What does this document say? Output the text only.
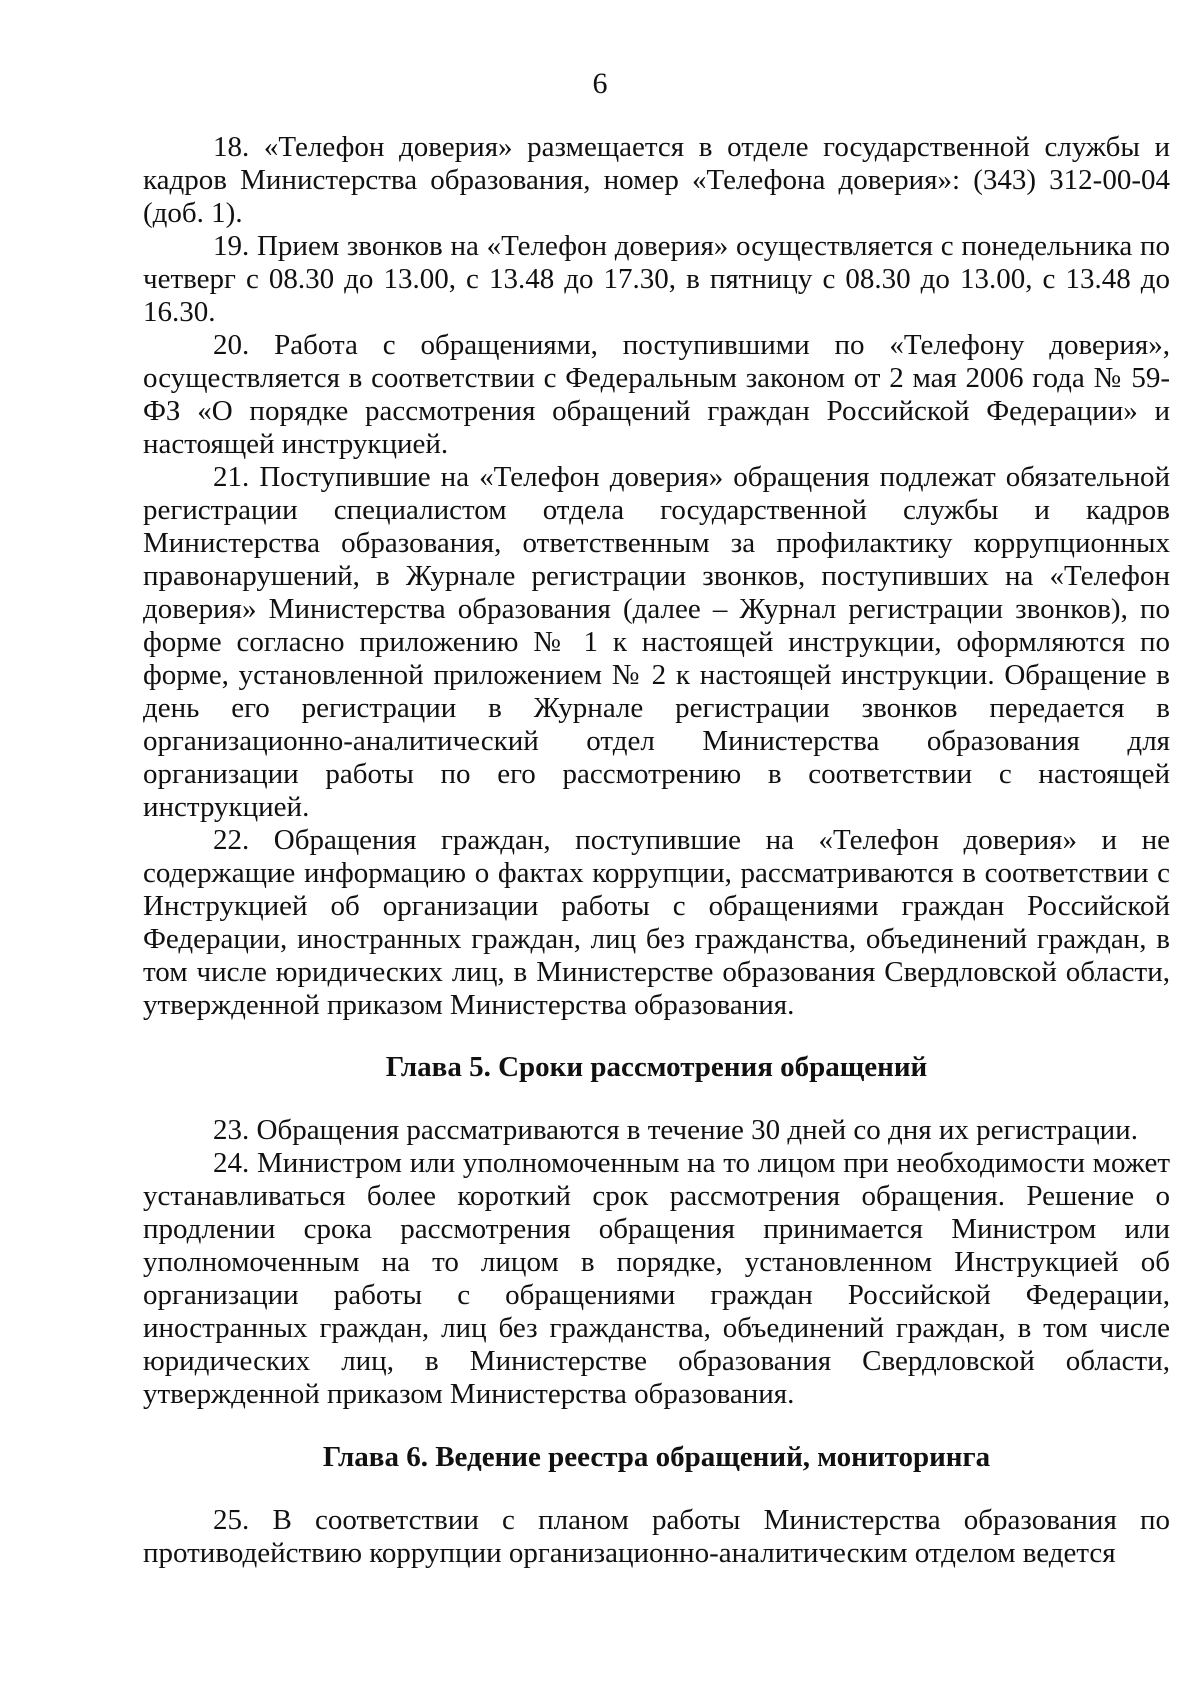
6

18. «Телефон доверия» размещается в отделе государственной службы и кадров Министерства образования, номер «Телефона доверия»: (343) 312-00-04 (доб. 1).

19. Прием звонков на «Телефон доверия» осуществляется с понедельника по четверг с 08.30 до 13.00, с 13.48 до 17.30, в пятницу с 08.30 до 13.00, с 13.48 до 16.30.

20. Работа с обращениями, поступившими по «Телефону доверия», осуществляется в соответствии с Федеральным законом от 2 мая 2006 года № 59-ФЗ «О порядке рассмотрения обращений граждан Российской Федерации» и настоящей инструкцией.

21. Поступившие на «Телефон доверия» обращения подлежат обязательной регистрации специалистом отдела государственной службы и кадров Министерства образования, ответственным за профилактику коррупционных правонарушений, в Журнале регистрации звонков, поступивших на «Телефон доверия» Министерства образования (далее – Журнал регистрации звонков), по форме согласно приложению № 1 к настоящей инструкции, оформляются по форме, установленной приложением № 2 к настоящей инструкции. Обращение в день его регистрации в Журнале регистрации звонков передается в организационно-аналитический отдел Министерства образования для организации работы по его рассмотрению в соответствии с настоящей инструкцией.

22. Обращения граждан, поступившие на «Телефон доверия» и не содержащие информацию о фактах коррупции, рассматриваются в соответствии с Инструкцией об организации работы с обращениями граждан Российской Федерации, иностранных граждан, лиц без гражданства, объединений граждан, в том числе юридических лиц, в Министерстве образования Свердловской области, утвержденной приказом Министерства образования.

Глава 5. Сроки рассмотрения обращений

23. Обращения рассматриваются в течение 30 дней со дня их регистрации.

24. Министром или уполномоченным на то лицом при необходимости может устанавливаться более короткий срок рассмотрения обращения. Решение о продлении срока рассмотрения обращения принимается Министром или уполномоченным на то лицом в порядке, установленном Инструкцией об организации работы с обращениями граждан Российской Федерации, иностранных граждан, лиц без гражданства, объединений граждан, в том числе юридических лиц, в Министерстве образования Свердловской области, утвержденной приказом Министерства образования.

Глава 6. Ведение реестра обращений, мониторинга

25. В соответствии с планом работы Министерства образования по противодействию коррупции организационно-аналитическим отделом ведется
